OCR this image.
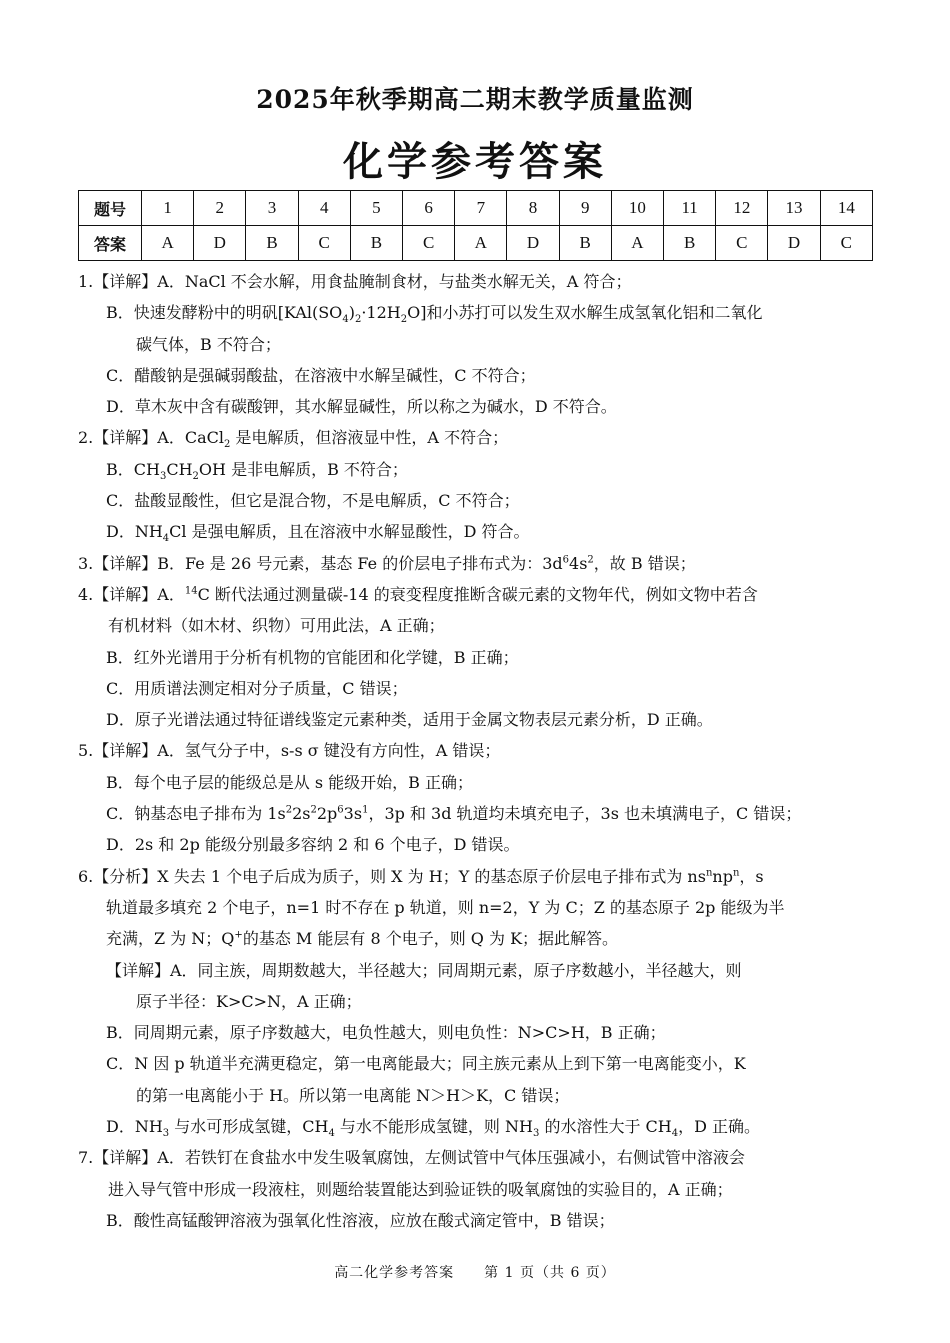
2025年秋季期高二期末教学质量监测
化学参考答案
题号	1	2	3	4	5	6	7	8	9	10	11	12	13	14
答案	A	D	B	C	B	C	A	D	B	A	B	C	D	C
1.【详解】A．NaCl 不会水解，用食盐腌制食材，与盐类水解无关，A 符合；
B．快速发酵粉中的明矾$[KAl(SO_4)_2\cdot 12H_2O]$和小苏打可以发生双水解生成氢氧化铝和二氧化
碳气体，B 不符合；
C．醋酸钠是强碱弱酸盐，在溶液中水解呈碱性，C 不符合；
D．草木灰中含有碳酸钾，其水解显碱性，所以称之为碱水，D 不符合。
2.【详解】A．CaCl$_2$ 是电解质，但溶液显中性，A 不符合；
B．$CH_3CH_2OH$ 是非电解质，B 不符合；
C．盐酸显酸性，但它是混合物，不是电解质，C 不符合；
D．$NH_4Cl$ 是强电解质，且在溶液中水解显酸性，D 符合。
3.【详解】B．Fe 是 26 号元素，基态 Fe 的价层电子排布式为：$3d^64s^2$，故 B 错误；
4.【详解】A．$^{14}$C 断代法通过测量碳-14 的衰变程度推断含碳元素的文物年代，例如文物中若含
有机材料（如木材、织物）可用此法，A 正确；
B．红外光谱用于分析有机物的官能团和化学键，B 正确；
C．用质谱法测定相对分子质量，C 错误；
D．原子光谱法通过特征谱线鉴定元素种类，适用于金属文物表层元素分析，D 正确。
5.【详解】A．氢气分子中，s-s σ 键没有方向性，A 错误；
B．每个电子层的能级总是从 s 能级开始，B 正确；
C．钠基态电子排布为 $1s^22s^22p^63s^1$，3p 和 3d 轨道均未填充电子，3s 也未填满电子，C 错误；
D．2s 和 2p 能级分别最多容纳 2 和 6 个电子，D 错误。
6.【分析】X 失去 1 个电子后成为质子，则 X 为 H；Y 的基态原子价层电子排布式为 $ns^nnp^n$，s
轨道最多填充 2 个电子，n=1 时不存在 p 轨道，则 n=2，Y 为 C；Z 的基态原子 2p 能级为半
充满，Z 为 N；Q+的基态 M 能层有 8 个电子，则 Q 为 K；据此解答。
【详解】A．同主族，周期数越大，半径越大；同周期元素，原子序数越小，半径越大，则
原子半径：K>C>N，A 正确；
B．同周期元素，原子序数越大，电负性越大，则电负性：N>C>H，B 正确；
C．N 因 p 轨道半充满更稳定，第一电离能最大；同主族元素从上到下第一电离能变小，K
的第一电离能小于 H。所以第一电离能 N＞H＞K，C 错误；
D．$NH_3$ 与水可形成氢键，$CH_4$ 与水不能形成氢键，则 $NH_3$ 的水溶性大于 $CH_4$，D 正确。
7.【详解】A．若铁钉在食盐水中发生吸氧腐蚀，左侧试管中气体压强减小，右侧试管中溶液会
进入导气管中形成一段液柱，则题给装置能达到验证铁的吸氧腐蚀的实验目的，A 正确；
B．酸性高锰酸钾溶液为强氧化性溶液，应放在酸式滴定管中，B 错误；
高二化学参考答案　　第 1 页（共 6 页）
